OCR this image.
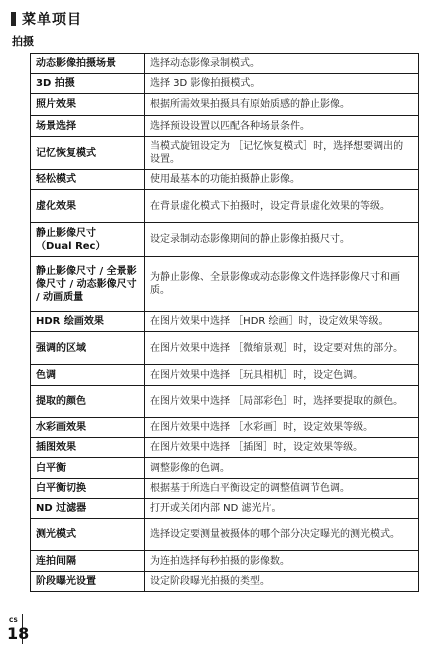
菜单项目
拍摄
动态影像拍摄场景	选择动态影像录制模式。
3D 拍摄	选择 3D 影像拍摄模式。
照片效果	根据所需效果拍摄具有原始质感的静止影像。
场景选择	选择预设设置以匹配各种场景条件。
记忆恢复模式	当模式旋钮设定为 ［记忆恢复模式］时，选择想要调出的设置。
轻松模式	使用最基本的功能拍摄静止影像。
虚化效果	在背景虚化模式下拍摄时，设定背景虚化效果的等级。
静止影像尺寸
（Dual Rec）	设定录制动态影像期间的静止影像拍摄尺寸。
静止影像尺寸 / 全景影像尺寸 / 动态影像尺寸 / 动画质量	为静止影像、全景影像或动态影像文件选择影像尺寸和画质。
HDR 绘画效果	在图片效果中选择 ［HDR 绘画］时，设定效果等级。
强调的区域	在图片效果中选择 ［微缩景观］时，设定要对焦的部分。
色调	在图片效果中选择 ［玩具相机］时，设定色调。
提取的颜色	在图片效果中选择 ［局部彩色］时，选择要提取的颜色。
水彩画效果	在图片效果中选择 ［水彩画］时，设定效果等级。
插图效果	在图片效果中选择 ［插图］时，设定效果等级。
白平衡	调整影像的色调。
白平衡切换	根据基于所选白平衡设定的调整值调节色调。
ND 过滤器	打开或关闭内部 ND 滤光片。
测光模式	选择设定要测量被摄体的哪个部分决定曝光的测光模式。
连拍间隔	为连拍选择每秒拍摄的影像数。
阶段曝光设置	设定阶段曝光拍摄的类型。
CS
18
